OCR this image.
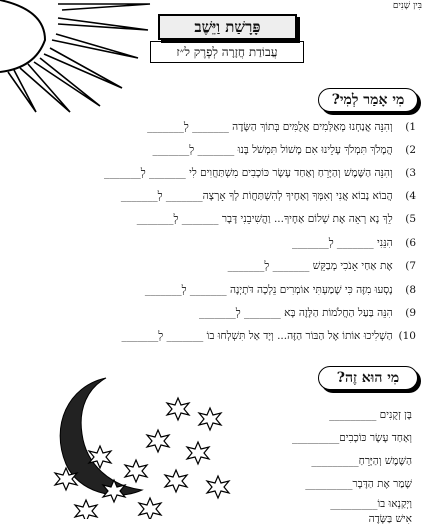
בִּין שָׁנִים
פָּרָשַׁת וַיֵּשֶׁב
עֲבוֹדַת חֲזָרָה לְפֶרֶק ל״ז
מִי אָמַר לְמִי?
1) וְהִנֵּה אֲנַחְנוּ מְאַלְּמִים אֲלֻמִּים בְּתוֹךְ הַשָּׂדֶה _______ לְ_______
2) הֲמָלֹךְ תִּמְלֹךְ עָלֵינוּ אִם מָשׁוֹל תִּמְשֹׁל בָּנוּ _______ לְ_______
3) וְהִנֵּה הַשֶּׁמֶשׁ וְהַיָּרֵחַ וְאַחַד עָשָׂר כּוֹכָבִים מִשְׁתַּחֲוִים לִי _______ לְ_______
4) הֲבוֹא נָבוֹא אֲנִי וְאִמְּךָ וְאַחֶיךָ לְהִשְׁתַּחֲוֹת לְךָ אָרְצָה_______ לְ_______
5) לֵךְ נָא רְאֵה אֶת שְׁלוֹם אַחֶיךָ... וַהֲשִׁיבֵנִי דָּבָר _______ לְ_______
6) הִנֵּנִי _______ לְ_______
7) אֶת אַחַי אָנֹכִי מְבַקֵּשׁ _______ לְ_______
8) נָסְעוּ מִזֶּה כִּי שָׁמַעְתִּי אוֹמְרִים נֵלְכָה דֹּתָיְנָה _______ לְ_______
9) הִנֵּה בַּעַל הַחֲלֹמוֹת הַלָּזֶה בָּא _______ לְ_______
10) הַשְׁלִיכוּ אוֹתוֹ אֶל הַבּוֹר הַזֶּה... וְיָד אַל תִּשְׁלְחוּ בוֹ _______ לְ_______
מִי הוּא זֶה?
בֶּן זְקֻנִים _________
וְאַחַד עָשָׂר כּוֹכָבִים_________
הַשֶּׁמֶשׁ וְהַיָּרֵחַ_________
שָׁמַר אֶת הַדָּבָר_________
וַיְקַנְאוּ בוֹ_________
אִישׁ בַּשָּׂדֶה
